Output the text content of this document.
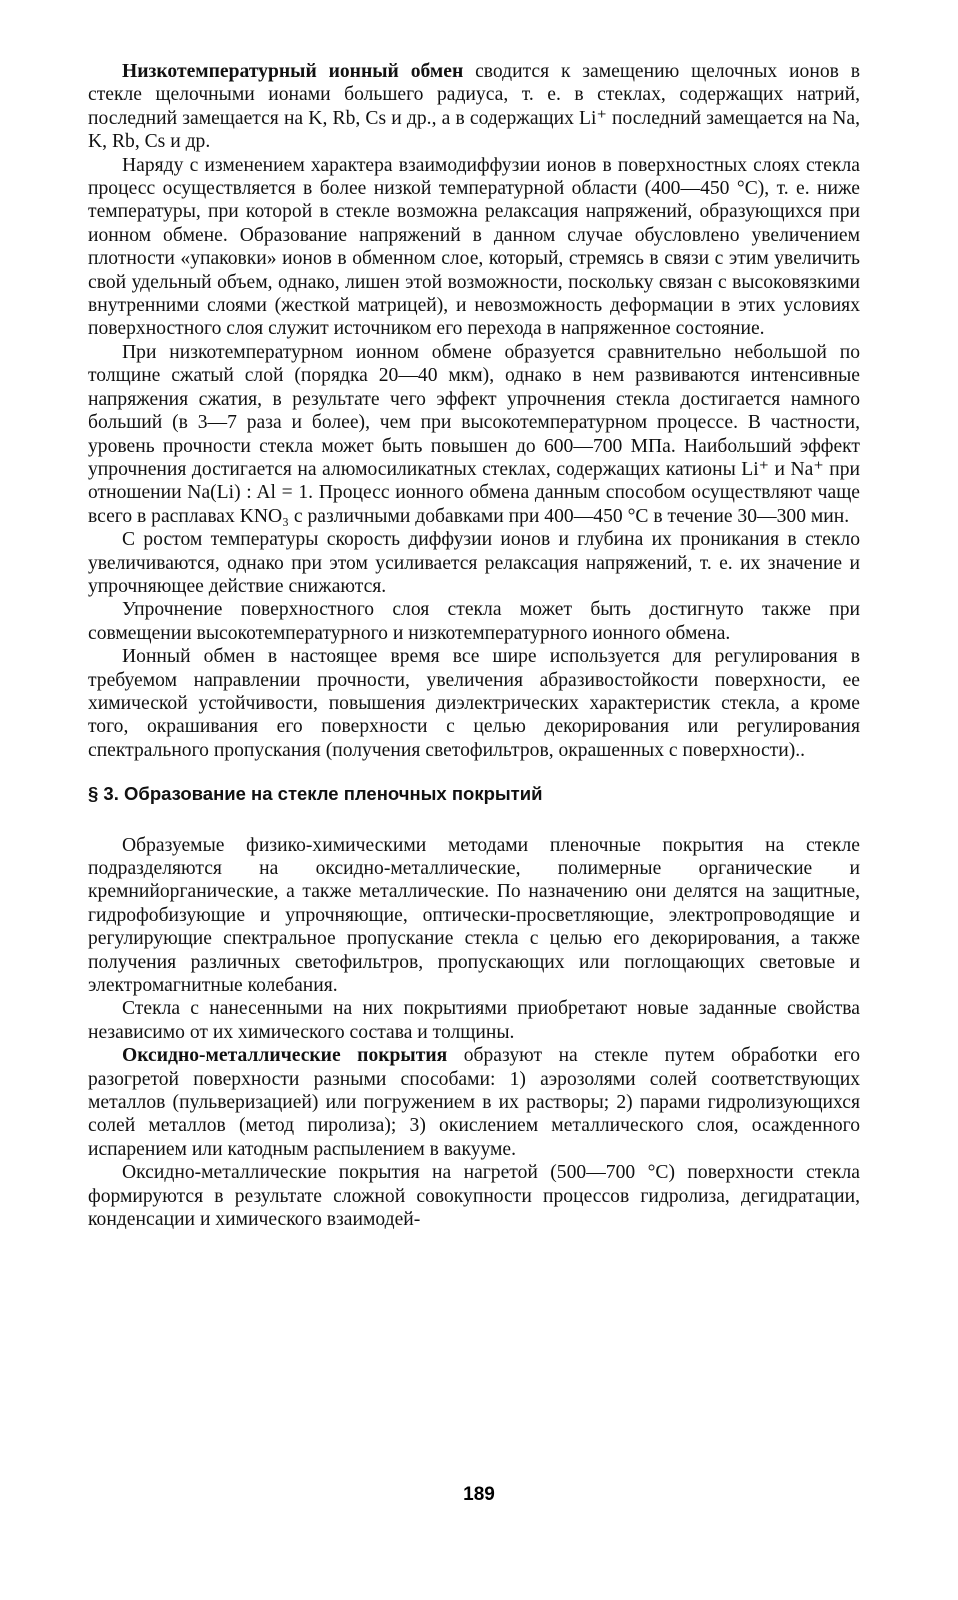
Низкотемпературный ионный обмен сводится к замещению щелочных ионов в стекле щелочными ионами большего радиуса, т. е. в стеклах, содержащих натрий, последний замещается на K, Rb, Cs и др., а в содержащих Li⁺ последний замещается на Na, K, Rb, Cs и др.

Наряду с изменением характера взаимодиффузии ионов в поверхностных слоях стекла процесс осуществляется в более низкой температурной области (400—450 °С), т. е. ниже температуры, при которой в стекле возможна релаксация напряжений, образующихся при ионном обмене. Образование напряжений в данном случае обусловлено увеличением плотности «упаковки» ионов в обменном слое, который, стремясь в связи с этим увеличить свой удельный объем, однако, лишен этой возможности, поскольку связан с высоковязкими внутренними слоями (жесткой матрицей), и невозможность деформации в этих условиях поверхностного слоя служит источником его перехода в напряженное состояние.

При низкотемпературном ионном обмене образуется сравнительно небольшой по толщине сжатый слой (порядка 20—40 мкм), однако в нем развиваются интенсивные напряжения сжатия, в результате чего эффект упрочнения стекла достигается намного больший (в 3—7 раза и более), чем при высокотемпературном процессе. В частности, уровень прочности стекла может быть повышен до 600—700 МПа. Наибольший эффект упрочнения достигается на алюмосиликатных стеклах, содержащих катионы Li⁺ и Na⁺ при отношении Na(Li) : Al = 1. Процесс ионного обмена данным способом осуществляют чаще всего в расплавах KNO₃ с различными добавками при 400—450 °С в течение 30—300 мин.

С ростом температуры скорость диффузии ионов и глубина их проникания в стекло увеличиваются, однако при этом усиливается релаксация напряжений, т. е. их значение и упрочняющее действие снижаются.

Упрочнение поверхностного слоя стекла может быть достигнуто также при совмещении высокотемпературного и низкотемпературного ионного обмена.

Ионный обмен в настоящее время все шире используется для регулирования в требуемом направлении прочности, увеличения абразивостойкости поверхности, ее химической устойчивости, повышения диэлектрических характеристик стекла, а кроме того, окрашивания его поверхности с целью декорирования или регулирования спектрального пропускания (получения светофильтров, окрашенных с поверхности)..

§ 3. Образование на стекле пленочных покрытий

Образуемые физико-химическими методами пленочные покрытия на стекле подразделяются на оксидно-металлические, полимерные органические и кремнийорганические, а также металлические. По назначению они делятся на защитные, гидрофобизующие и упрочняющие, оптически-просветляющие, электропроводящие и регулирующие спектральное пропускание стекла с целью его декорирования, а также получения различных светофильтров, пропускающих или поглощающих световые и электромагнитные колебания.

Стекла с нанесенными на них покрытиями приобретают новые заданные свойства независимо от их химического состава и толщины.

Оксидно-металлические покрытия образуют на стекле путем обработки его разогретой поверхности разными способами: 1) аэрозолями солей соответствующих металлов (пульверизацией) или погружением в их растворы; 2) парами гидролизующихся солей металлов (метод пиролиза); 3) окислением металлического слоя, осажденного испарением или катодным распылением в вакууме.

Оксидно-металлические покрытия на нагретой (500—700 °С) поверхности стекла формируются в результате сложной совокупности процессов гидролиза, дегидратации, конденсации и химического взаимодей-

189
